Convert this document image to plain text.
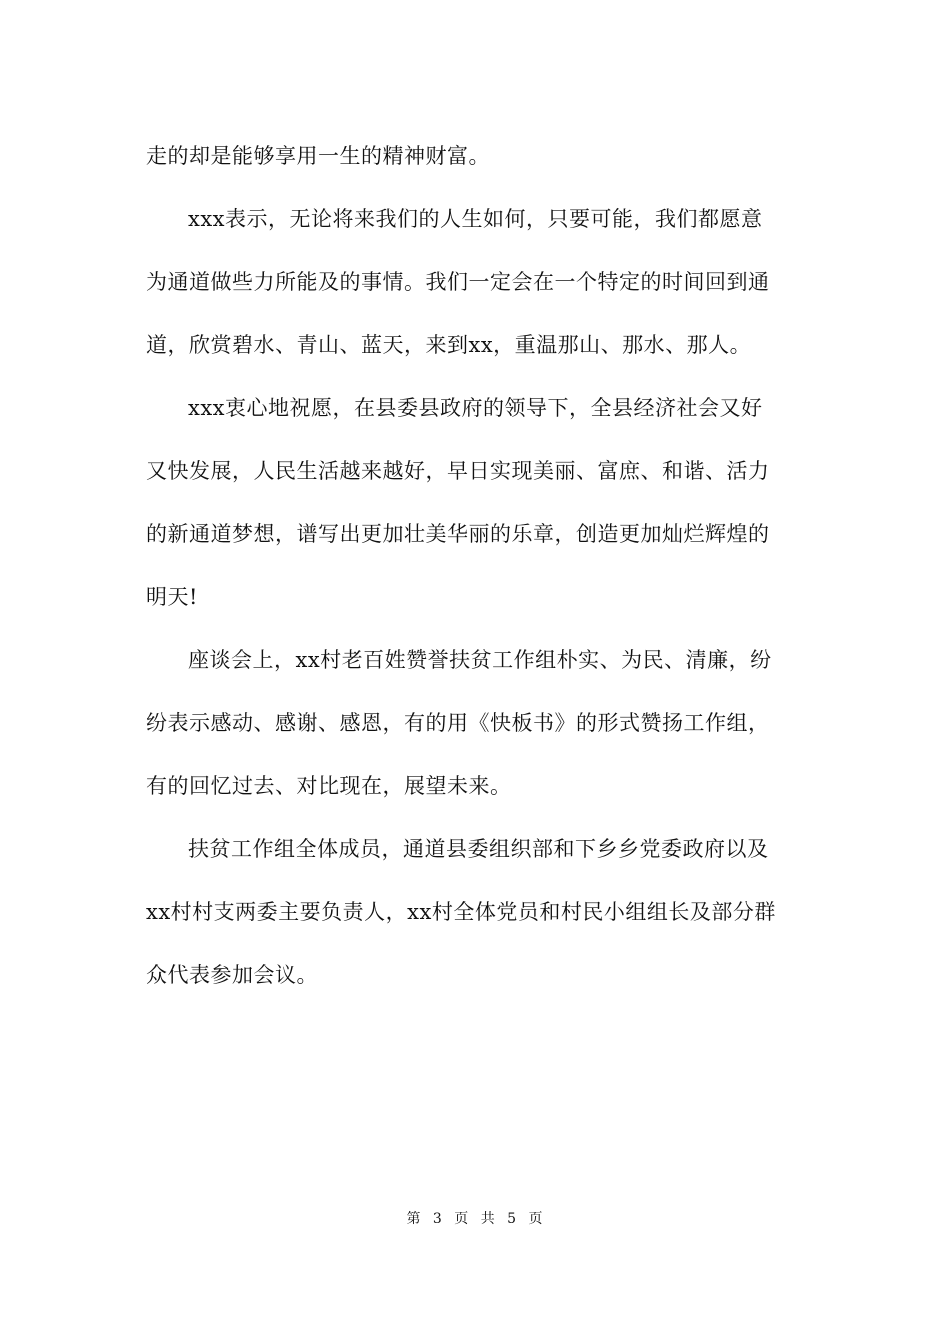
走的却是能够享用一生的精神财富。
xxx表示，无论将来我们的人生如何，只要可能，我们都愿意
为通道做些力所能及的事情。我们一定会在一个特定的时间回到通
道，欣赏碧水、青山、蓝天，来到xx，重温那山、那水、那人。
xxx衷心地祝愿，在县委县政府的领导下，全县经济社会又好
又快发展，人民生活越来越好，早日实现美丽、富庶、和谐、活力
的新通道梦想，谱写出更加壮美华丽的乐章，创造更加灿烂辉煌的
明天!
座谈会上，xx村老百姓赞誉扶贫工作组朴实、为民、清廉，纷
纷表示感动、感谢、感恩，有的用《快板书》的形式赞扬工作组，
有的回忆过去、对比现在，展望未来。
扶贫工作组全体成员，通道县委组织部和下乡乡党委政府以及
xx村村支两委主要负责人，xx村全体党员和村民小组组长及部分群
众代表参加会议。
第 3 页 共 5 页
